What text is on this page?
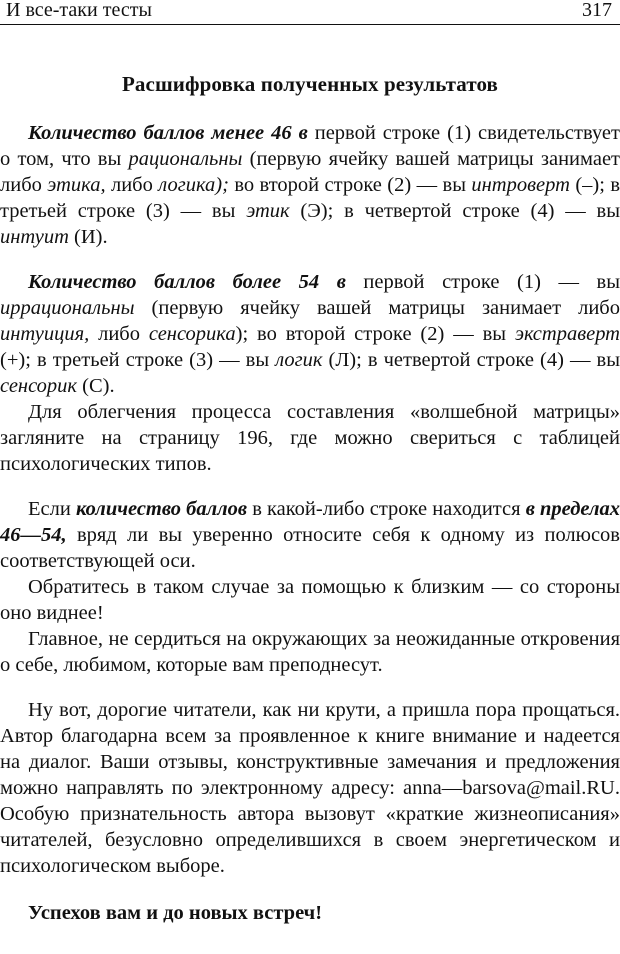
И все-таки тесты	317
Расшифровка полученных результатов

Количество баллов менее 46 в первой строке (1) свидетельствует о том, что вы рациональны (первую ячейку вашей матрицы занимает либо этика, либо логика); во второй строке (2) — вы интроверт (–); в третьей строке (3) — вы этик (Э); в четвертой строке (4) — вы интуит (И).

Количество баллов более 54 в первой строке (1) — вы иррациональны (первую ячейку вашей матрицы занимает либо интуиция, либо сенсорика); во второй строке (2) — вы экстраверт (+); в третьей строке (3) — вы логик (Л); в четвертой строке (4) — вы сенсорик (С).

Для облегчения процесса составления «волшебной матрицы» загляните на страницу 196, где можно свериться с таблицей психологических типов.

Если количество баллов в какой-либо строке находится в пределах 46—54, вряд ли вы уверенно относите себя к одному из полюсов соответствующей оси.

Обратитесь в таком случае за помощью к близким — со стороны оно виднее!

Главное, не сердиться на окружающих за неожиданные откровения о себе, любимом, которые вам преподнесут.

Ну вот, дорогие читатели, как ни крути, а пришла пора прощаться. Автор благодарна всем за проявленное к книге внимание и надеется на диалог. Ваши отзывы, конструктивные замечания и предложения можно направлять по электронному адресу: anna—barsova@mail.RU. Особую признательность автора вызовут «краткие жизнеописания» читателей, безусловно определившихся в своем энергетическом и психологическом выборе.

Успехов вам и до новых встреч!
